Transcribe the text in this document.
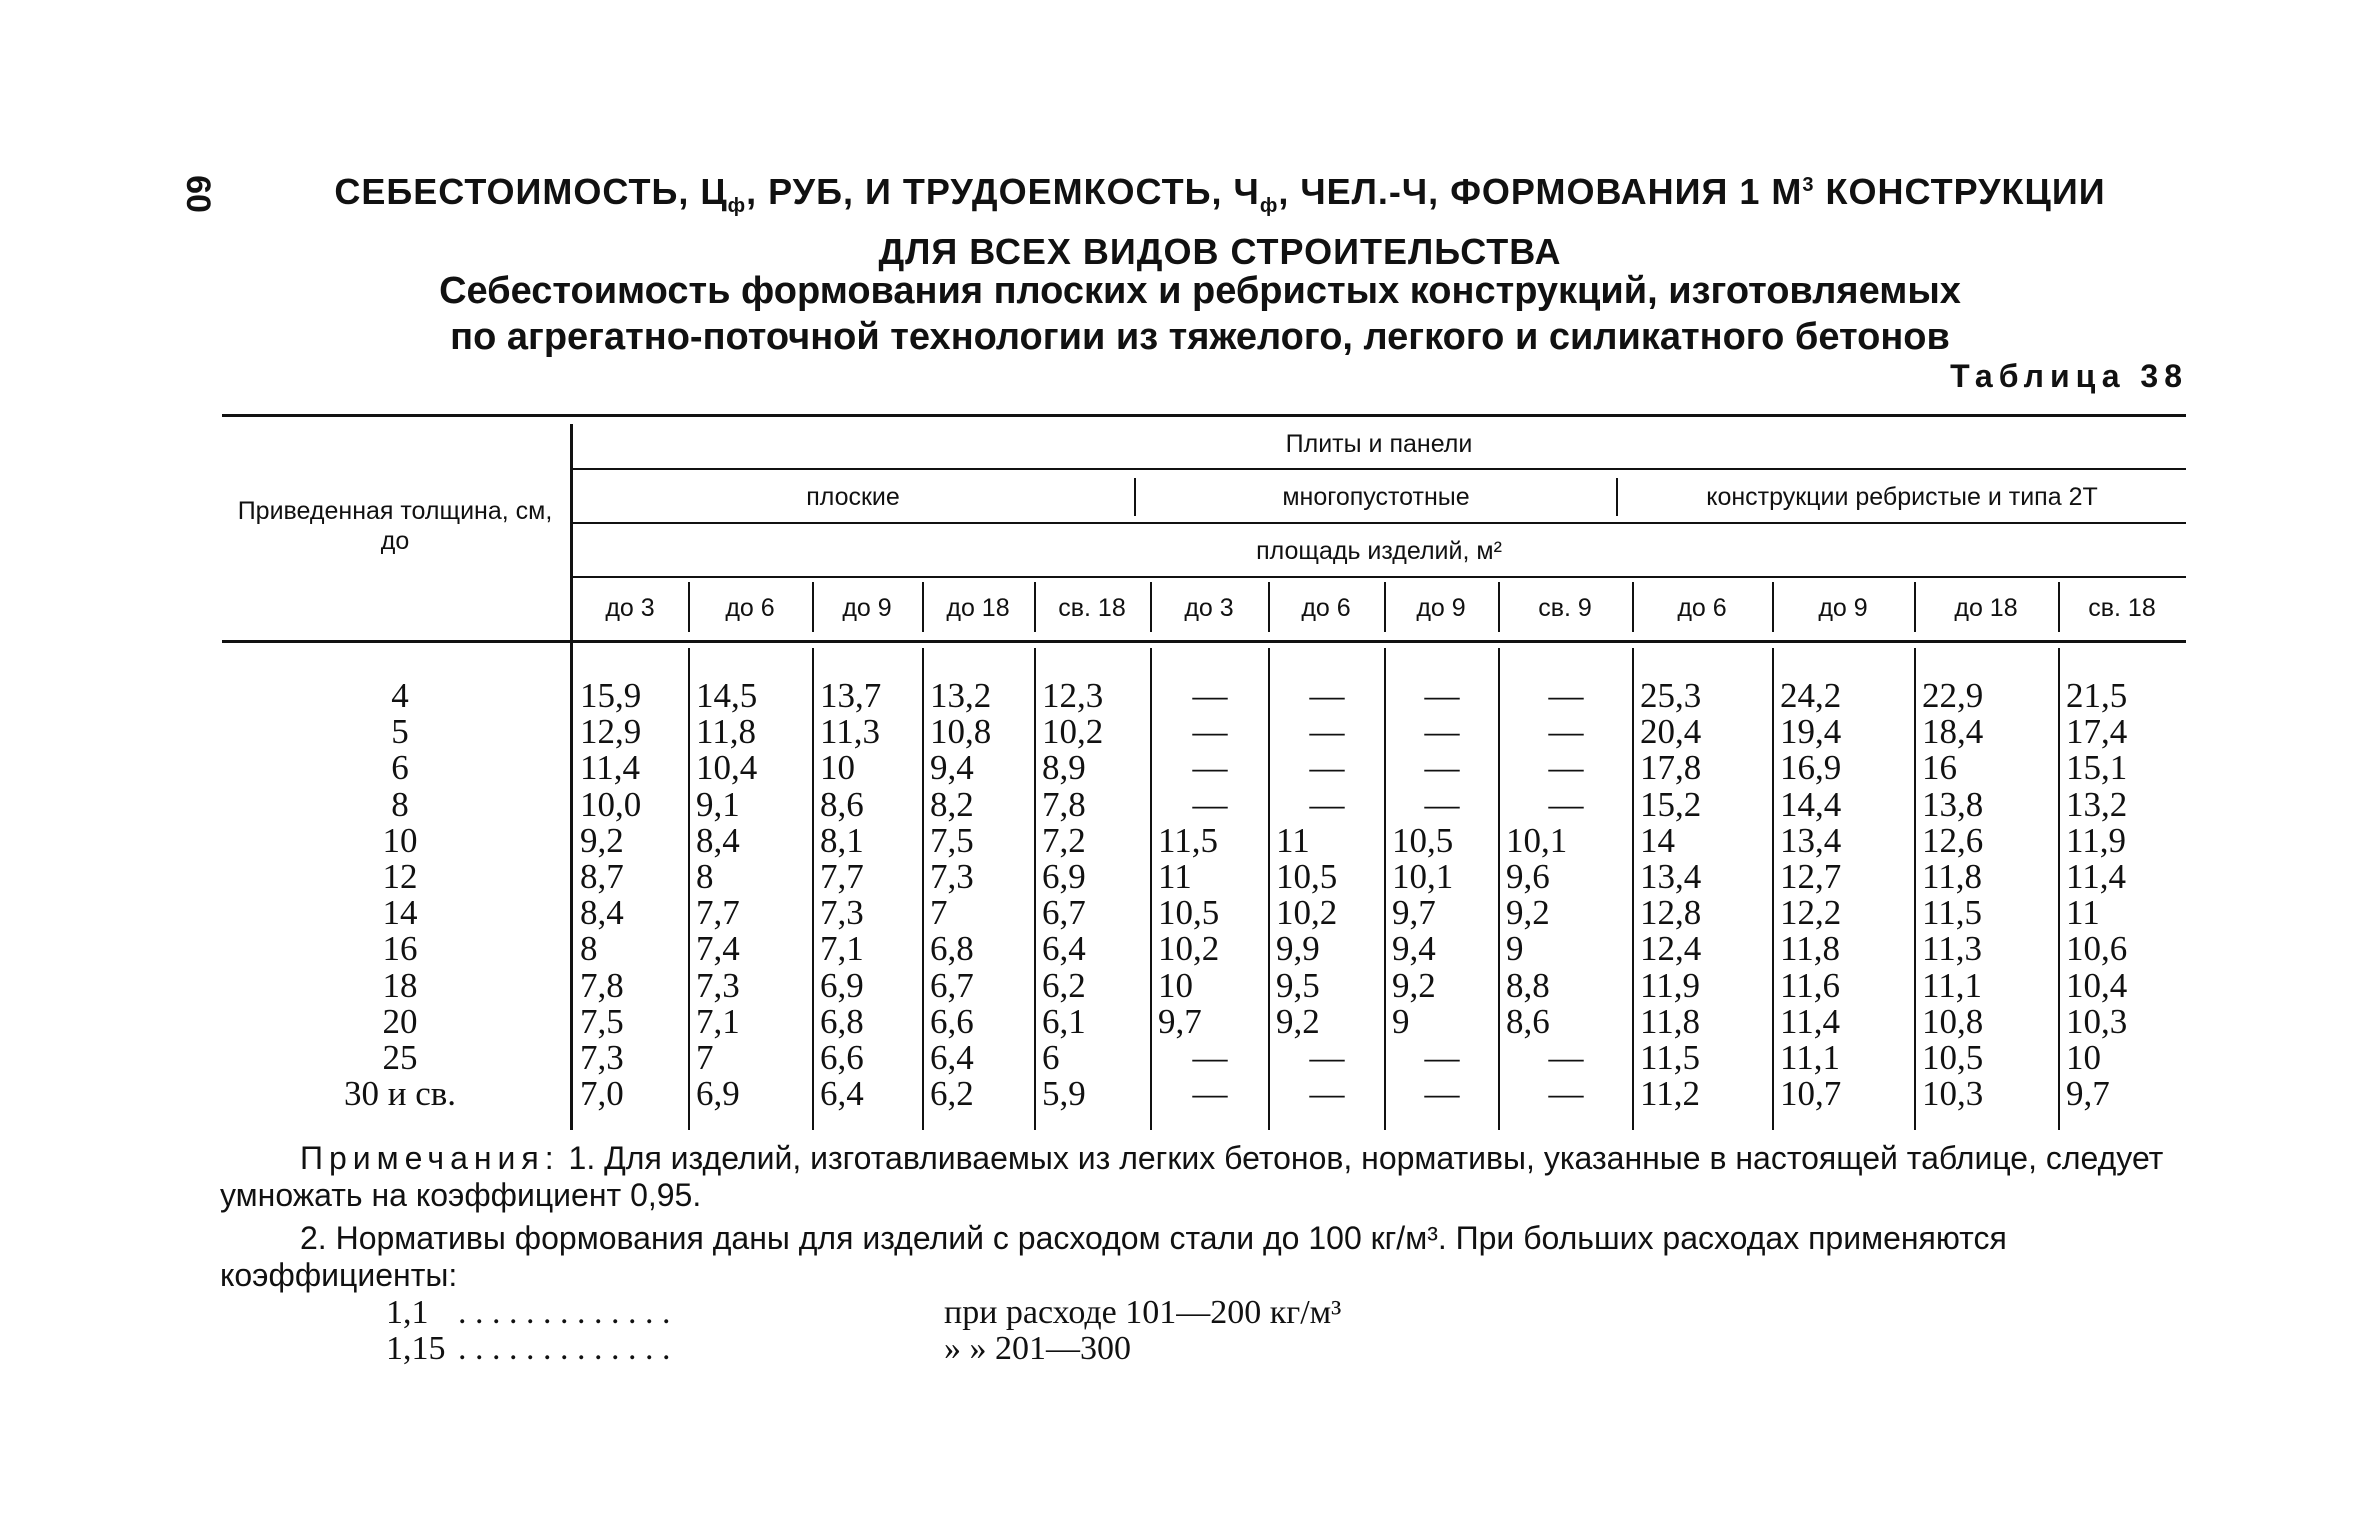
60	СЕБЕСТОИМОСТЬ, $Ц_ф$, РУБ, И ТРУДОЕМКОСТЬ, $Ч_ф$, ЧЕЛ.-Ч, ФОРМОВАНИЯ 1 $М^3$ КОНСТРУКЦИИ
ДЛЯ ВСЕХ ВИДОВ СТРОИТЕЛЬСТВА
Себестоимость формования плоских и ребристых конструкций, изготовляемых
по агрегатно-поточной технологии из тяжелого, легкого и силикатного бетонов
Таблица 38
Приведенная толщина, см, до
Плиты и панели
плоские	многопустотные	конструкции ребристые и типа 2Т
площадь изделий, м²
до 3	до 6	до 9	до 18	св. 18	до 3	до 6	до 9	св. 9	до 6	до 9	до 18	св. 18
4	15,9	14,5	13,7	13,2	12,3	—	—	—	—	25,3	24,2	22,9	21,5
5	12,9	11,8	11,3	10,8	10,2	—	—	—	—	20,4	19,4	18,4	17,4
6	11,4	10,4	10	9,4	8,9	—	—	—	—	17,8	16,9	16	15,1
8	10,0	9,1	8,6	8,2	7,8	—	—	—	—	15,2	14,4	13,8	13,2
10	9,2	8,4	8,1	7,5	7,2	11,5	11	10,5	10,1	14	13,4	12,6	11,9
12	8,7	8	7,7	7,3	6,9	11	10,5	10,1	9,6	13,4	12,7	11,8	11,4
14	8,4	7,7	7,3	7	6,7	10,5	10,2	9,7	9,2	12,8	12,2	11,5	11
16	8	7,4	7,1	6,8	6,4	10,2	9,9	9,4	9	12,4	11,8	11,3	10,6
18	7,8	7,3	6,9	6,7	6,2	10	9,5	9,2	8,8	11,9	11,6	11,1	10,4
20	7,5	7,1	6,8	6,6	6,1	9,7	9,2	9	8,6	11,8	11,4	10,8	10,3
25	7,3	7	6,6	6,4	6	—	—	—	—	11,5	11,1	10,5	10
30 и св.	7,0	6,9	6,4	6,2	5,9	—	—	—	—	11,2	10,7	10,3	9,7

Примечания: 1. Для изделий, изготавливаемых из легких бетонов, нормативы, указанные в настоящей таблице, следует умножать на коэффициент 0,95.

2. Нормативы формования даны для изделий с расходом стали до 100 кг/м³. При больших расходах применяются коэффициенты:

1,1 . . . . . . . . . . . . .	при расходе 101—200 кг/м³
1,15 . . . . . . . . . . . . .	» » 201—300
